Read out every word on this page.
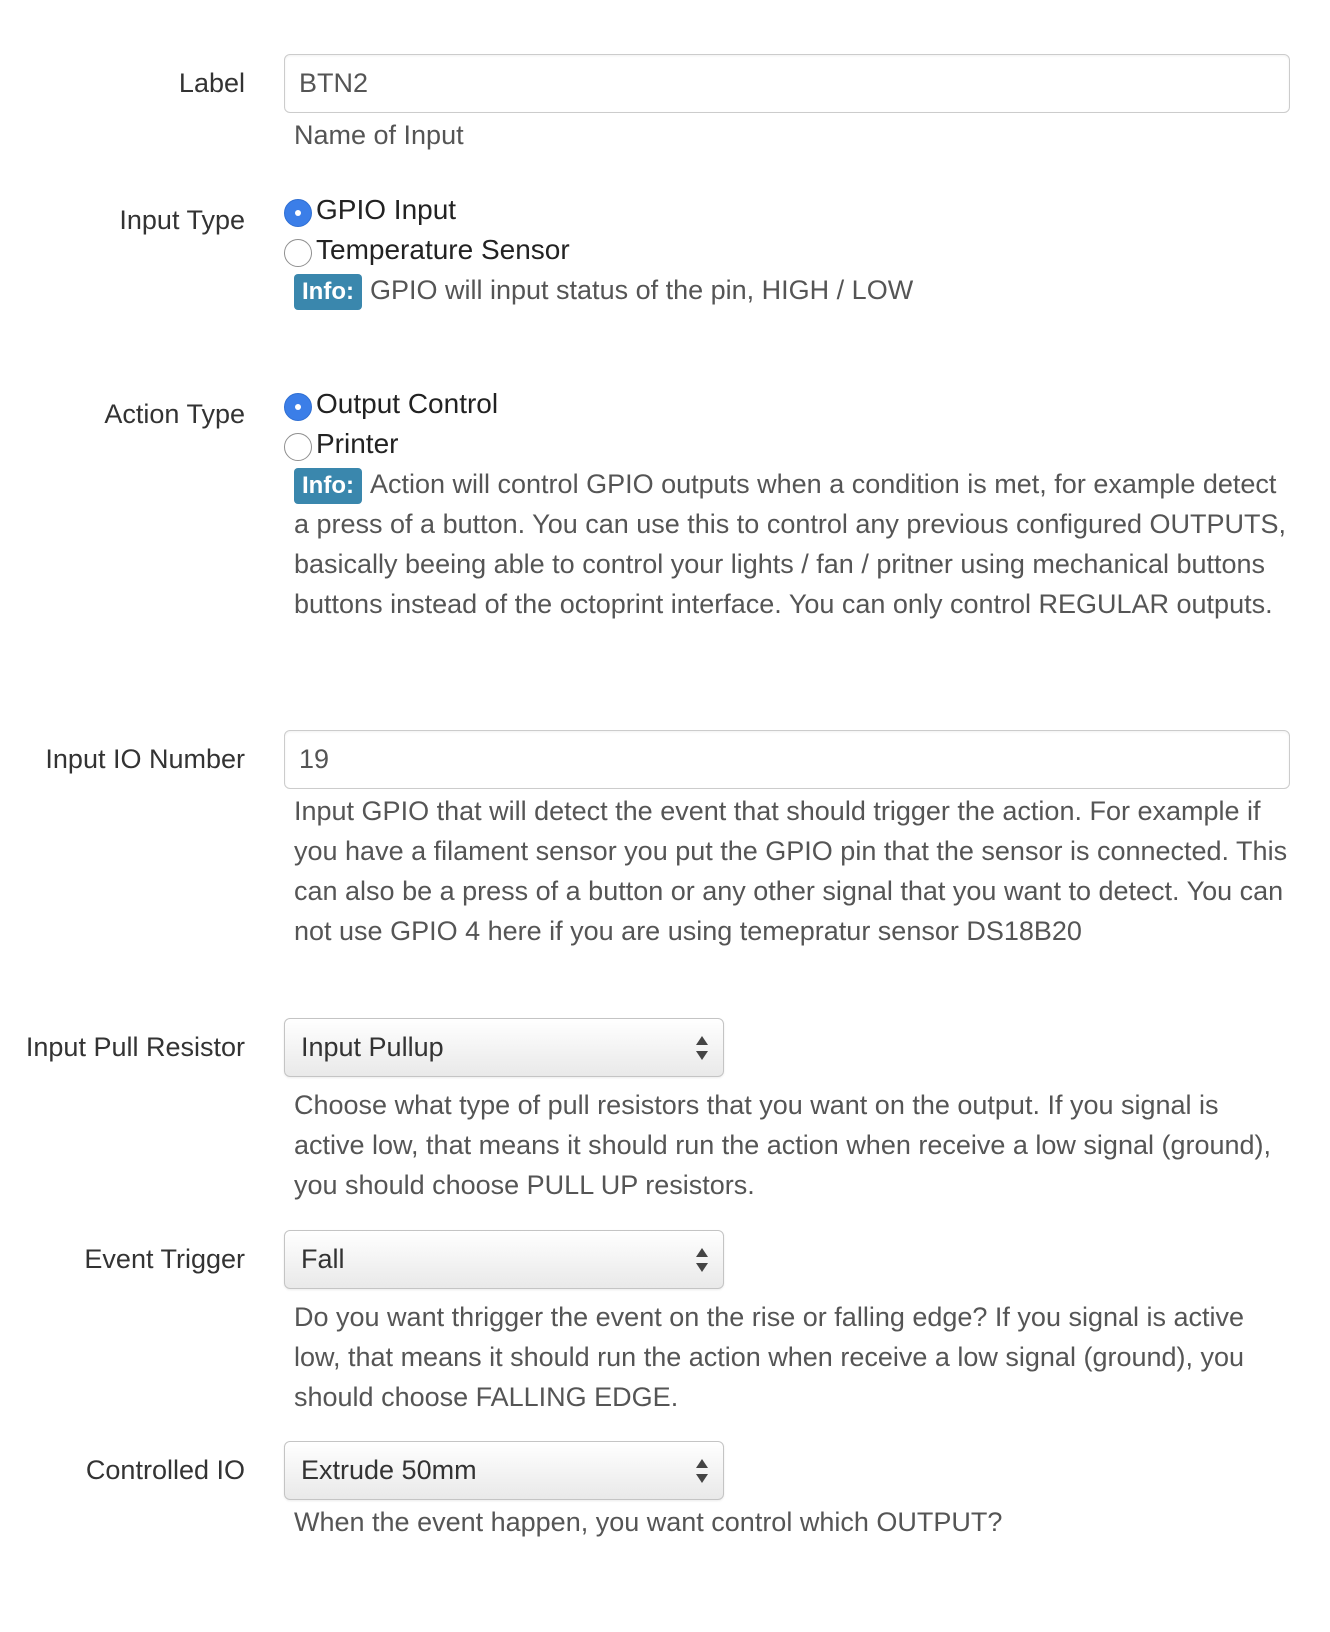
Label	BTN2
Name of Input
Input Type	GPIO Input
Temperature Sensor
Info: GPIO will input status of the pin, HIGH / LOW
Action Type	Output Control
Printer
Info: Action will control GPIO outputs when a condition is met, for example detect a press of a button. You can use this to control any previous configured OUTPUTS, basically beeing able to control your lights / fan / pritner using mechanical buttons buttons instead of the octoprint interface. You can only control REGULAR outputs.
Input IO Number	19
Input GPIO that will detect the event that should trigger the action. For example if you have a filament sensor you put the GPIO pin that the sensor is connected. This can also be a press of a button or any other signal that you want to detect. You can not use GPIO 4 here if you are using temepratur sensor DS18B20
Input Pull Resistor	Input Pullup
Choose what type of pull resistors that you want on the output. If you signal is active low, that means it should run the action when receive a low signal (ground), you should choose PULL UP resistors.
Event Trigger	Fall
Do you want thrigger the event on the rise or falling edge? If you signal is active low, that means it should run the action when receive a low signal (ground), you should choose FALLING EDGE.
Controlled IO	Extrude 50mm
When the event happen, you want control which OUTPUT?
